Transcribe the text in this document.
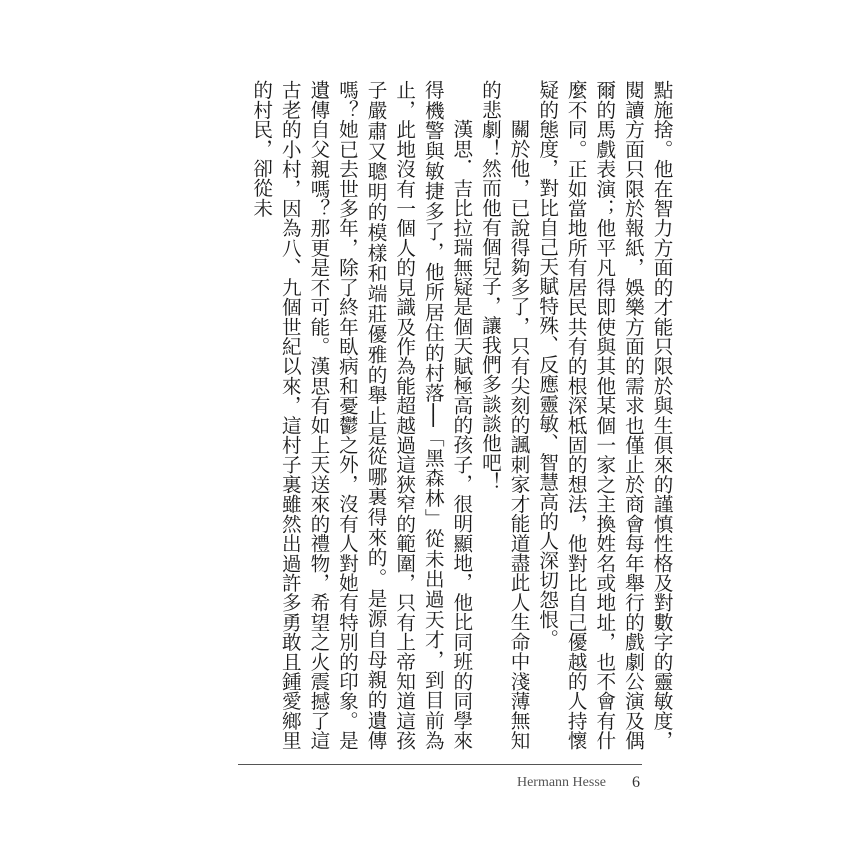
點施捨。他在智力方面的才能只限於與生俱來的謹慎性格及對數字的靈敏度，閱讀方面只限於報紙，娛樂方面的需求也僅止於商會每年舉行的戲劇公演及偶爾的馬戲表演；他平凡得即使與其他某個一家之主換姓名或地址，也不會有什麼不同。正如當地所有居民共有的根深柢固的想法，他對比自己優越的人持懷疑的態度，對比自己天賦特殊、反應靈敏、智慧高的人深切怨恨。

關於他，已說得夠多了，只有尖刻的諷刺家才能道盡此人生命中淺薄無知的悲劇！然而他有個兒子，讓我們多談談他吧！

漢思．吉比拉瑞無疑是個天賦極高的孩子，很明顯地，他比同班的同學來得機警與敏捷多了，他所居住的村落──「黑森林」從未出過天才，到目前為止，此地沒有一個人的見識及作為能超越過這狹窄的範圍，只有上帝知道這孩子嚴肅又聰明的模樣和端莊優雅的舉止是從哪裏得來的。是源自母親的遺傳嗎？她已去世多年，除了終年臥病和憂鬱之外，沒有人對她有特別的印象。是遺傳自父親嗎？那更是不可能。漢思有如上天送來的禮物，希望之火震撼了這古老的小村，因為八、九個世紀以來，這村子裏雖然出過許多勇敢且鍾愛鄉里的村民，卻從未

Hermann Hesse 6
